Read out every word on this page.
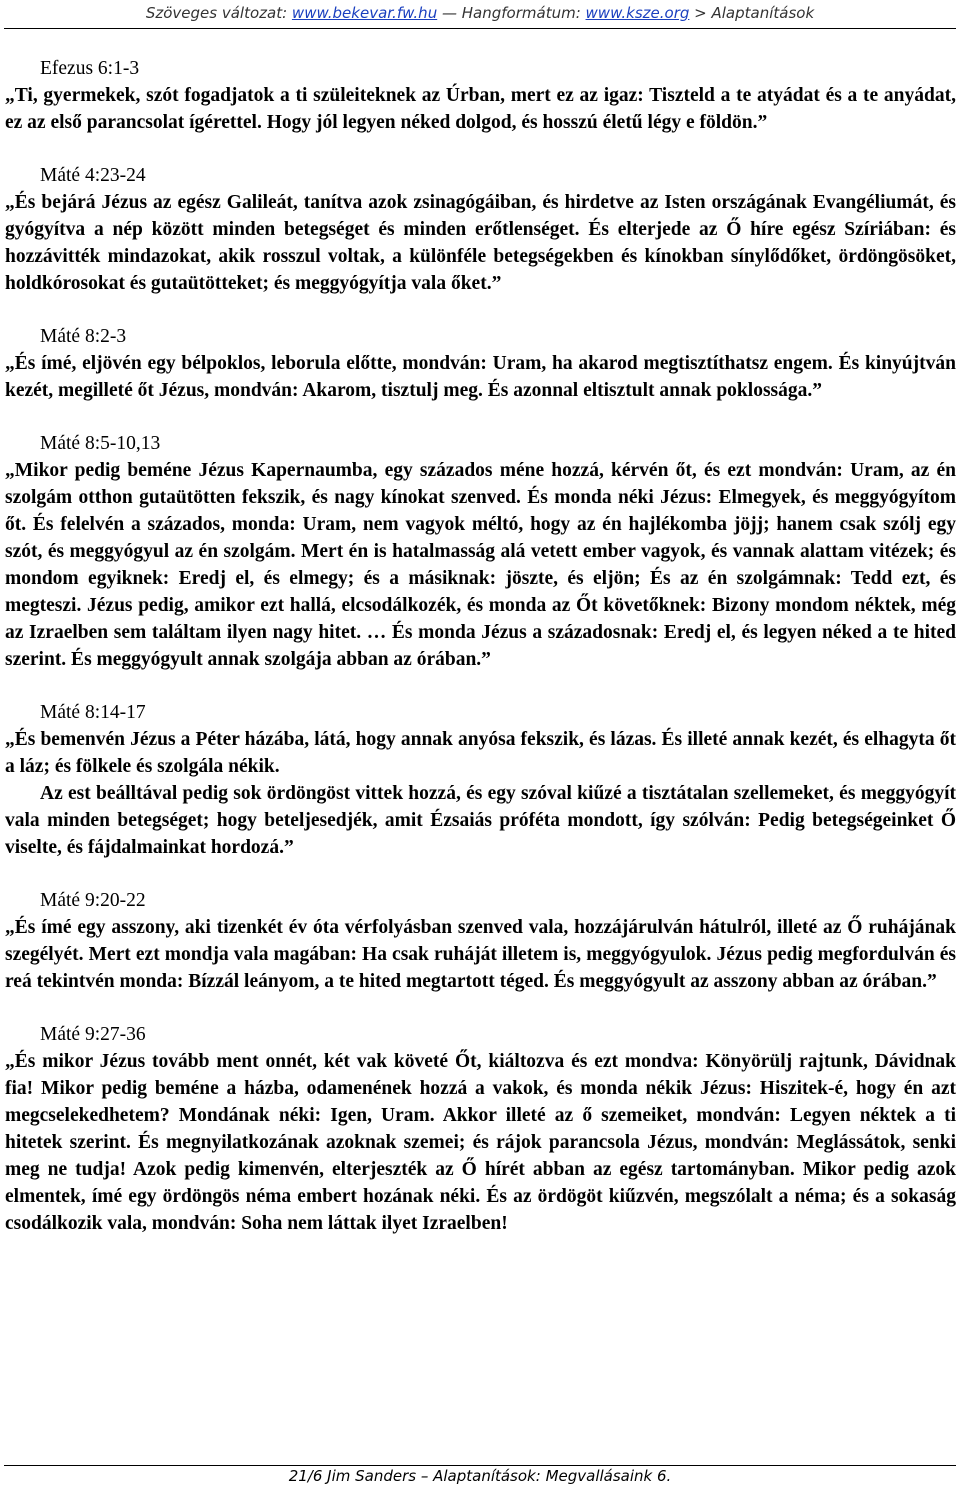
Szöveges változat: www.bekevar.fw.hu — Hangformátum: www.ksze.org > Alaptanítások
Efezus 6:1-3

„Ti, gyermekek, szót fogadjatok a ti szüleiteknek az Úrban, mert ez az igaz: Tiszteld a te atyádat és a te anyádat, ez az első parancsolat ígérettel. Hogy jól legyen néked dolgod, és hosszú életű légy e földön.”

Máté 4:23-24

„És bejárá Jézus az egész Galileát, tanítva azok zsinagógáiban, és hirdetve az Isten országának Evangéliumát, és gyógyítva a nép között minden betegséget és minden erőtlenséget. És elterjede az Ő híre egész Szíriában: és hozzávitték mindazokat, akik rosszul voltak, a különféle betegségekben és kínokban sínylődőket, ördöngösöket, holdkórosokat és gutaütötteket; és meggyógyítja vala őket.”

Máté 8:2-3

„És ímé, eljövén egy bélpoklos, leborula előtte, mondván: Uram, ha akarod megtisztíthatsz engem. És kinyújtván kezét, megilleté őt Jézus, mondván: Akarom, tisztulj meg. És azonnal eltisztult annak poklossága.”

Máté 8:5-10,13

„Mikor pedig beméne Jézus Kapernaumba, egy százados méne hozzá, kérvén őt, és ezt mondván: Uram, az én szolgám otthon gutaütötten fekszik, és nagy kínokat szenved. És monda néki Jézus: Elmegyek, és meggyógyítom őt. És felelvén a százados, monda: Uram, nem vagyok méltó, hogy az én hajlékomba jöjj; hanem csak szólj egy szót, és meggyógyul az én szolgám. Mert én is hatalmasság alá vetett ember vagyok, és vannak alattam vitézek; és mondom egyiknek: Eredj el, és elmegy; és a másiknak: jöszte, és eljön; És az én szolgámnak: Tedd ezt, és megteszi. Jézus pedig, amikor ezt hallá, elcsodálkozék, és monda az Őt követőknek: Bizony mondom néktek, még az Izraelben sem találtam ilyen nagy hitet. … És monda Jézus a századosnak: Eredj el, és legyen néked a te hited szerint. És meggyógyult annak szolgája abban az órában.”

Máté 8:14-17

„És bemenvén Jézus a Péter házába, látá, hogy annak anyósa fekszik, és lázas. És illeté annak kezét, és elhagyta őt a láz; és fölkele és szolgála nékik.

Az est beálltával pedig sok ördöngöst vittek hozzá, és egy szóval kiűzé a tisztátalan szellemeket, és meggyógyít vala minden betegséget; hogy beteljesedjék, amit Ézsaiás próféta mondott, így szólván: Pedig betegségeinket Ő viselte, és fájdalmainkat hordozá.”

Máté 9:20-22

„És ímé egy asszony, aki tizenkét év óta vérfolyásban szenved vala, hozzájárulván hátulról, illeté az Ő ruhájának szegélyét. Mert ezt mondja vala magában: Ha csak ruháját illetem is, meggyógyulok. Jézus pedig megfordulván és reá tekintvén monda: Bízzál leányom, a te hited megtartott téged. És meggyógyult az asszony abban az órában.”

Máté 9:27-36

„És mikor Jézus tovább ment onnét, két vak követé Őt, kiáltozva és ezt mondva: Könyörülj rajtunk, Dávidnak fia! Mikor pedig beméne a házba, odamenének hozzá a vakok, és monda nékik Jézus: Hiszitek-é, hogy én azt megcselekedhetem? Mondának néki: Igen, Uram. Akkor illeté az ő szemeiket, mondván: Legyen néktek a ti hitetek szerint. És megnyilatkozának azoknak szemei; és rájok parancsola Jézus, mondván: Meglássátok, senki meg ne tudja! Azok pedig kimenvén, elterjeszték az Ő hírét abban az egész tartományban. Mikor pedig azok elmentek, ímé egy ördöngös néma embert hozának néki. És az ördögöt kiűzvén, megszólalt a néma; és a sokaság csodálkozik vala, mondván: Soha nem láttak ilyet Izraelben!

21/6 Jim Sanders – Alaptanítások: Megvallásaink 6.
